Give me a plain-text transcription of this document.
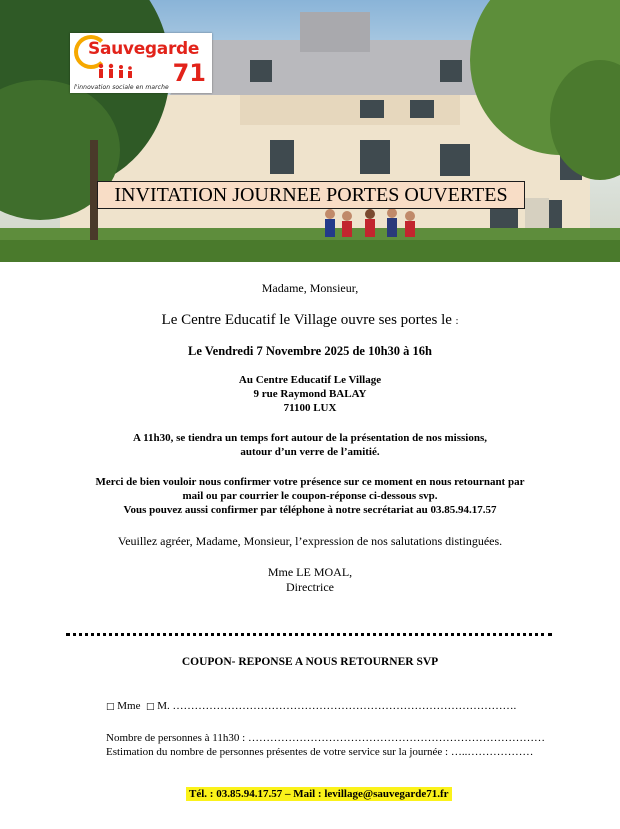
Sauvegarde
71
l'innovation sociale en marche
INVITATION JOURNEE PORTES OUVERTES
Madame, Monsieur,
Le Centre Educatif le Village ouvre ses portes le :
Le Vendredi 7 Novembre 2025 de 10h30 à 16h
Au Centre Educatif Le Village
9 rue Raymond BALAY
71100 LUX
A 11h30, se tiendra un temps fort autour de la présentation de nos missions,
autour d’un verre de l’amitié.
Merci de bien vouloir nous confirmer votre présence sur ce moment en nous retournant par
mail ou par courrier le coupon-réponse ci-dessous svp.
Vous pouvez aussi confirmer par téléphone à notre secrétariat au 03.85.94.17.57
Veuillez agréer, Madame, Monsieur, l’expression de nos salutations distinguées.
Mme LE MOAL,
Directrice
COUPON- REPONSE A NOUS RETOURNER SVP
□ Mme □ M. ………………………………………………………………………………….
Nombre de personnes à 11h30 : ………………………………………………………………………
Estimation du nombre de personnes présentes de votre service sur la journée : …..………………
Tél. : 03.85.94.17.57 – Mail : levillage@sauvegarde71.fr
